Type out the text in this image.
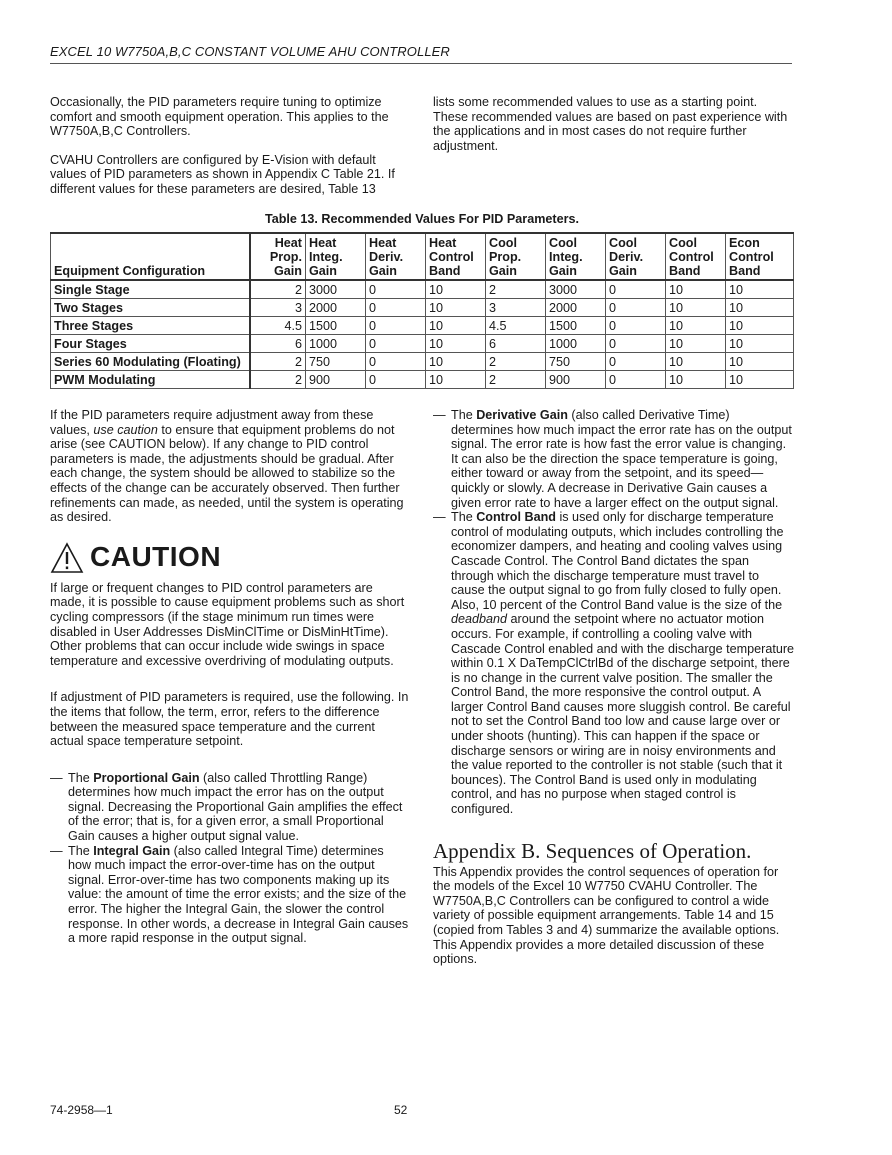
EXCEL 10 W7750A,B,C CONSTANT VOLUME AHU CONTROLLER

Occasionally, the PID parameters require tuning to optimize comfort and smooth equipment operation. This applies to the W7750A,B,C Controllers.

CVAHU Controllers are configured by E-Vision with default values of PID parameters as shown in Appendix C Table 21. If different values for these parameters are desired, Table 13

lists some recommended values to use as a starting point. These recommended values are based on past experience with the applications and in most cases do not require further adjustment.

Table 13. Recommended Values For PID Parameters.
Equipment Configuration	Heat Prop. Gain	Heat Integ. Gain	Heat Deriv. Gain	Heat Control Band	Cool Prop. Gain	Cool Integ. Gain	Cool Deriv. Gain	Cool Control Band	Econ Control Band
Single Stage	2	3000	0	10	2	3000	0	10	10
Two Stages	3	2000	0	10	3	2000	0	10	10
Three Stages	4.5	1500	0	10	4.5	1500	0	10	10
Four Stages	6	1000	0	10	6	1000	0	10	10
Series 60 Modulating (Floating)	2	750	0	10	2	750	0	10	10
PWM Modulating	2	900	0	10	2	900	0	10	10

If the PID parameters require adjustment away from these values, use caution to ensure that equipment problems do not arise (see CAUTION below). If any change to PID control parameters is made, the adjustments should be gradual. After each change, the system should be allowed to stabilize so the effects of the change can be accurately observed. Then further refinements can made, as needed, until the system is operating as desired.

CAUTION

If large or frequent changes to PID control parameters are made, it is possible to cause equipment problems such as short cycling compressors (if the stage minimum run times were disabled in User Addresses DisMinClTime or DisMinHtTime). Other problems that can occur include wide swings in space temperature and excessive overdriving of modulating outputs.

If adjustment of PID parameters is required, use the following. In the items that follow, the term, error, refers to the difference between the measured space temperature and the current actual space temperature setpoint.

— The Proportional Gain (also called Throttling Range) determines how much impact the error has on the output signal. Decreasing the Proportional Gain amplifies the effect of the error; that is, for a given error, a small Proportional Gain causes a higher output signal value.
— The Integral Gain (also called Integral Time) determines how much impact the error-over-time has on the output signal. Error-over-time has two components making up its value: the amount of time the error exists; and the size of the error. The higher the Integral Gain, the slower the control response. In other words, a decrease in Integral Gain causes a more rapid response in the output signal.
— The Derivative Gain (also called Derivative Time) determines how much impact the error rate has on the output signal. The error rate is how fast the error value is changing. It can also be the direction the space temperature is going, either toward or away from the setpoint, and its speed—quickly or slowly. A decrease in Derivative Gain causes a given error rate to have a larger effect on the output signal.
— The Control Band is used only for discharge temperature control of modulating outputs, which includes controlling the economizer dampers, and heating and cooling valves using Cascade Control. The Control Band dictates the span through which the discharge temperature must travel to cause the output signal to go from fully closed to fully open. Also, 10 percent of the Control Band value is the size of the deadband around the setpoint where no actuator motion occurs. For example, if controlling a cooling valve with Cascade Control enabled and with the discharge temperature within 0.1 X DaTempClCtrlBd of the discharge setpoint, there is no change in the current valve position. The smaller the Control Band, the more responsive the control output. A larger Control Band causes more sluggish control. Be careful not to set the Control Band too low and cause large over or under shoots (hunting). This can happen if the space or discharge sensors or wiring are in noisy environments and the value reported to the controller is not stable (such that it bounces). The Control Band is used only in modulating control, and has no purpose when staged control is configured.
Appendix B. Sequences of Operation.

This Appendix provides the control sequences of operation for the models of the Excel 10 W7750 CVAHU Controller. The W7750A,B,C Controllers can be configured to control a wide variety of possible equipment arrangements. Table 14 and 15 (copied from Tables 3 and 4) summarize the available options. This Appendix provides a more detailed discussion of these options.

74-2958—1	52
